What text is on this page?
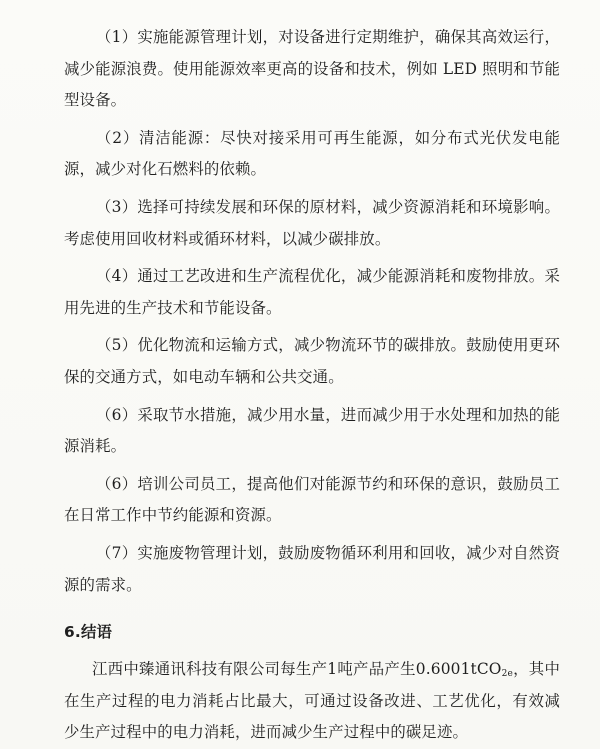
（1）实施能源管理计划，对设备进行定期维护，确保其高效运行，减少能源浪费。使用能源效率更高的设备和技术，例如 LED 照明和节能型设备。

（2）清洁能源：尽快对接采用可再生能源，如分布式光伏发电能源，减少对化石燃料的依赖。

（3）选择可持续发展和环保的原材料，减少资源消耗和环境影响。考虑使用回收材料或循环材料，以减少碳排放。

（4）通过工艺改进和生产流程优化，减少能源消耗和废物排放。采用先进的生产技术和节能设备。

（5）优化物流和运输方式，减少物流环节的碳排放。鼓励使用更环保的交通方式，如电动车辆和公共交通。

（6）采取节水措施，减少用水量，进而减少用于水处理和加热的能源消耗。

（6）培训公司员工，提高他们对能源节约和环保的意识，鼓励员工在日常工作中节约能源和资源。

（7）实施废物管理计划，鼓励废物循环利用和回收，减少对自然资源的需求。

6.结语

江西中臻通讯科技有限公司每生产1吨产品产生0.6001tCO$_{2e}$，其中在生产过程的电力消耗占比最大，可通过设备改进、工艺优化，有效减少生产过程中的电力消耗，进而减少生产过程中的碳足迹。
